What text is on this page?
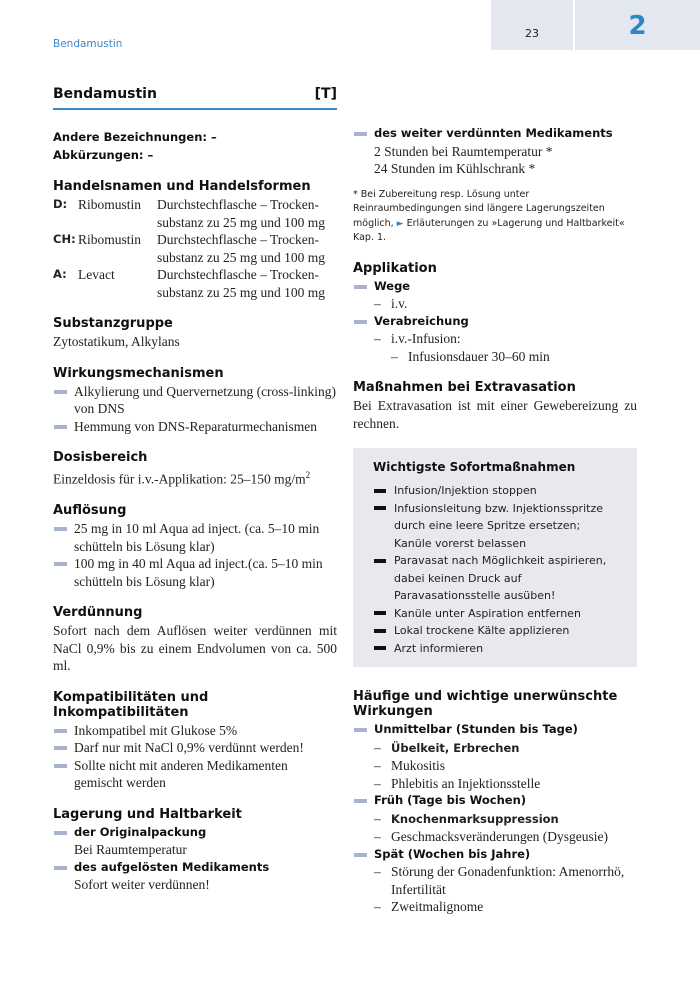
Bendamustin
23	2
Bendamustin	[T]
Andere Bezeichnungen: –
Abkürzungen: –
Handelsnamen und Handelsformen
D:	Ribomustin	Durchstechflasche – Trocken-
substanz zu 25 mg und 100 mg
CH:	Ribomustin	Durchstechflasche – Trocken-
substanz zu 25 mg und 100 mg
A:	Levact	Durchstechflasche – Trocken-
substanz zu 25 mg und 100 mg
Substanzgruppe
Zytostatikum, Alkylans
Wirkungsmechanismen
Alkylierung und Quervernetzung (cross-linking) von DNS
Hemmung von DNS-Reparaturmechanismen
Dosisbereich
Einzeldosis für i.v.-Applikation: 25–150 $mg/m^2$
Auflösung
25 mg in 10 ml Aqua ad inject. (ca. 5–10 min schütteln bis Lösung klar)
100 mg in 40 ml Aqua ad inject.(ca. 5–10 min schütteln bis Lösung klar)
Verdünnung
Sofort nach dem Auflösen weiter verdünnen mit NaCl 0,9% bis zu einem Endvolumen von ca. 500 ml.
Kompatibilitäten und Inkompatibilitäten
Inkompatibel mit Glukose 5%
Darf nur mit NaCl 0,9% verdünnt werden!
Sollte nicht mit anderen Medikamenten gemischt werden
Lagerung und Haltbarkeit
der Originalpackung
Bei Raumtemperatur
des aufgelösten Medikaments
Sofort weiter verdünnen!
des weiter verdünnten Medikaments
2 Stunden bei Raumtemperatur *
24 Stunden im Kühlschrank *
* Bei Zubereitung resp. Lösung unter Reinraumbedingungen sind längere Lagerungszeiten möglich, ► Erläuterungen zu »Lagerung und Haltbarkeit« Kap. 1.
Applikation
Wege
– i.v.
Verabreichung
– i.v.-Infusion:
– Infusionsdauer 30–60 min
Maßnahmen bei Extravasation
Bei Extravasation ist mit einer Gewebereizung zu rechnen.
Wichtigste Sofortmaßnahmen
Infusion/Injektion stoppen
Infusionsleitung bzw. Injektionsspritze durch eine leere Spritze ersetzen; Kanüle vorerst belassen
Paravasat nach Möglichkeit aspirieren, dabei keinen Druck auf Paravasationsstelle ausüben!
Kanüle unter Aspiration entfernen
Lokal trockene Kälte applizieren
Arzt informieren
Häufige und wichtige unerwünschte Wirkungen
Unmittelbar (Stunden bis Tage)
– Übelkeit, Erbrechen
– Mukositis
– Phlebitis an Injektionsstelle
Früh (Tage bis Wochen)
– Knochenmarksuppression
– Geschmacksveränderungen (Dysgeusie)
Spät (Wochen bis Jahre)
– Störung der Gonadenfunktion: Amenorrhö, Infertilität
– Zweitmalignome
